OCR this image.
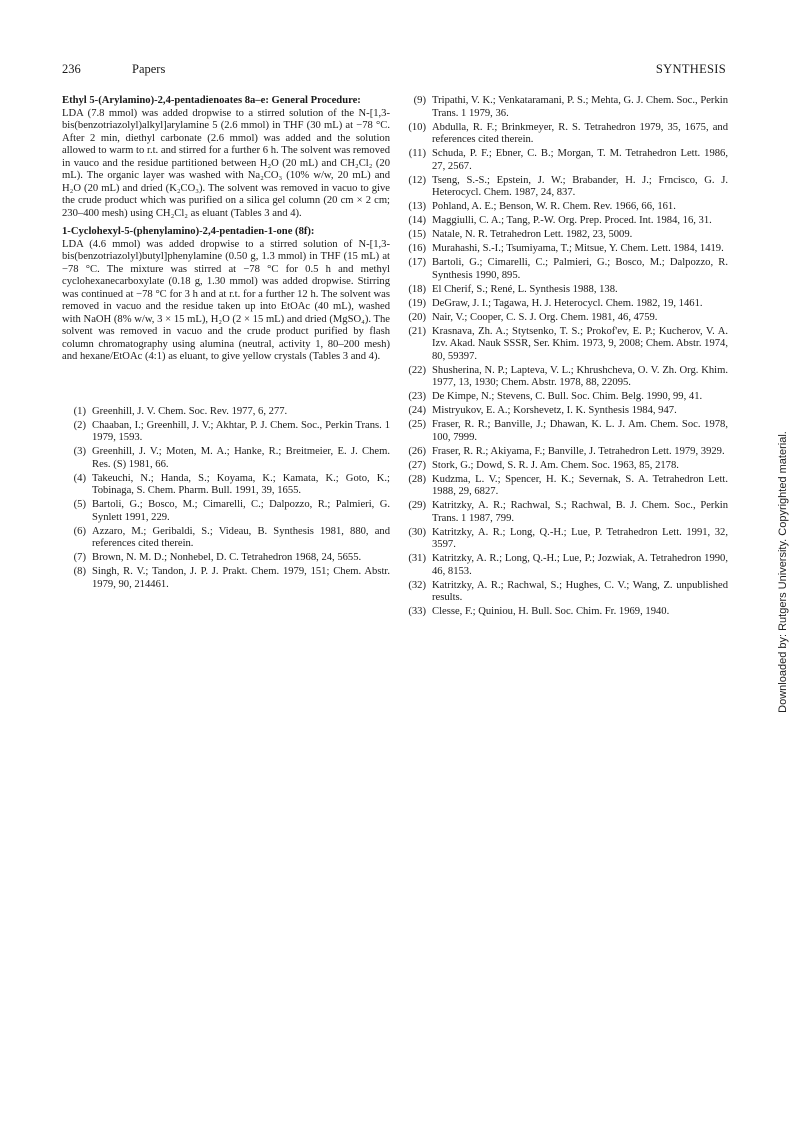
236	Papers	SYNTHESIS

Ethyl 5-(Arylamino)-2,4-pentadienoates 8a–e: General Procedure:
LDA (7.8 mmol) was added dropwise to a stirred solution of the N-[1,3-bis(benzotriazolyl)alkyl]arylamine 5 (2.6 mmol) in THF (30 mL) at −78 °C. After 2 min, diethyl carbonate (2.6 mmol) was added and the solution allowed to warm to r.t. and stirred for a further 6 h. The solvent was removed in vauco and the residue partitioned between H₂O (20 mL) and CH₂Cl₂ (20 mL). The organic layer was washed with Na₂CO₃ (10% w/w, 20 mL) and H₂O (20 mL) and dried (K₂CO₃). The solvent was removed in vacuo to give the crude product which was purified on a silica gel column (20 cm × 2 cm; 230–400 mesh) using CH₂Cl₂ as eluant (Tables 3 and 4).

1-Cyclohexyl-5-(phenylamino)-2,4-pentadien-1-one (8f):
LDA (4.6 mmol) was added dropwise to a stirred solution of N-[1,3-bis(benzotriazolyl)butyl]phenylamine (0.50 g, 1.3 mmol) in THF (15 mL) at −78 °C. The mixture was stirred at −78 °C for 0.5 h and methyl cyclohexanecarboxylate (0.18 g, 1.30 mmol) was added dropwise. Stirring was continued at −78 °C for 3 h and at r.t. for a further 12 h. The solvent was removed in vacuo and the residue taken up into EtOAc (40 mL), washed with NaOH (8% w/w, 3 × 15 mL), H₂O (2 × 15 mL) and dried (MgSO₄). The solvent was removed in vacuo and the crude product purified by flash column chromatography using alumina (neutral, activity 1, 80–200 mesh) and hexane/EtOAc (4:1) as eluant, to give yellow crystals (Tables 3 and 4).

(1) Greenhill, J. V. Chem. Soc. Rev. 1977, 6, 277.
(2) Chaaban, I.; Greenhill, J. V.; Akhtar, P. J. Chem. Soc., Perkin Trans. 1 1979, 1593.
(3) Greenhill, J. V.; Moten, M. A.; Hanke, R.; Breitmeier, E. J. Chem. Res. (S) 1981, 66.
(4) Takeuchi, N.; Handa, S.; Koyama, K.; Kamata, K.; Goto, K.; Tobinaga, S. Chem. Pharm. Bull. 1991, 39, 1655.
(5) Bartoli, G.; Bosco, M.; Cimarelli, C.; Dalpozzo, R.; Palmieri, G. Synlett 1991, 229.
(6) Azzaro, M.; Geribaldi, S.; Videau, B. Synthesis 1981, 880, and references cited therein.
(7) Brown, N. M. D.; Nonhebel, D. C. Tetrahedron 1968, 24, 5655.
(8) Singh, R. V.; Tandon, J. P. J. Prakt. Chem. 1979, 151; Chem. Abstr. 1979, 90, 214461.
(9) Tripathi, V. K.; Venkataramani, P. S.; Mehta, G. J. Chem. Soc., Perkin Trans. 1 1979, 36.
(10) Abdulla, R. F.; Brinkmeyer, R. S. Tetrahedron 1979, 35, 1675, and references cited therein.
(11) Schuda, P. F.; Ebner, C. B.; Morgan, T. M. Tetrahedron Lett. 1986, 27, 2567.
(12) Tseng, S.-S.; Epstein, J. W.; Brabander, H. J.; Frncisco, G. J. Heterocycl. Chem. 1987, 24, 837.
(13) Pohland, A. E.; Benson, W. R. Chem. Rev. 1966, 66, 161.
(14) Maggiulli, C. A.; Tang, P.-W. Org. Prep. Proced. Int. 1984, 16, 31.
(15) Natale, N. R. Tetrahedron Lett. 1982, 23, 5009.
(16) Murahashi, S.-I.; Tsumiyama, T.; Mitsue, Y. Chem. Lett. 1984, 1419.
(17) Bartoli, G.; Cimarelli, C.; Palmieri, G.; Bosco, M.; Dalpozzo, R. Synthesis 1990, 895.
(18) El Cherif, S.; René, L. Synthesis 1988, 138.
(19) DeGraw, J. I.; Tagawa, H. J. Heterocycl. Chem. 1982, 19, 1461.
(20) Nair, V.; Cooper, C. S. J. Org. Chem. 1981, 46, 4759.
(21) Krasnava, Zh. A.; Stytsenko, T. S.; Prokof'ev, E. P.; Kucherov, V. A. Izv. Akad. Nauk SSSR, Ser. Khim. 1973, 9, 2008; Chem. Abstr. 1974, 80, 59397.
(22) Shusherina, N. P.; Lapteva, V. L.; Khrushcheva, O. V. Zh. Org. Khim. 1977, 13, 1930; Chem. Abstr. 1978, 88, 22095.
(23) De Kimpe, N.; Stevens, C. Bull. Soc. Chim. Belg. 1990, 99, 41.
(24) Mistryukov, E. A.; Korshevetz, I. K. Synthesis 1984, 947.
(25) Fraser, R. R.; Banville, J.; Dhawan, K. L. J. Am. Chem. Soc. 1978, 100, 7999.
(26) Fraser, R. R.; Akiyama, F.; Banville, J. Tetrahedron Lett. 1979, 3929.
(27) Stork, G.; Dowd, S. R. J. Am. Chem. Soc. 1963, 85, 2178.
(28) Kudzma, L. V.; Spencer, H. K.; Severnak, S. A. Tetrahedron Lett. 1988, 29, 6827.
(29) Katritzky, A. R.; Rachwal, S.; Rachwal, B. J. Chem. Soc., Perkin Trans. 1 1987, 799.
(30) Katritzky, A. R.; Long, Q.-H.; Lue, P. Tetrahedron Lett. 1991, 32, 3597.
(31) Katritzky, A. R.; Long, Q.-H.; Lue, P.; Jozwiak, A. Tetrahedron 1990, 46, 8153.
(32) Katritzky, A. R.; Rachwal, S.; Hughes, C. V.; Wang, Z. unpublished results.
(33) Clesse, F.; Quiniou, H. Bull. Soc. Chim. Fr. 1969, 1940.	Downloaded by: Rutgers University. Copyrighted material.
